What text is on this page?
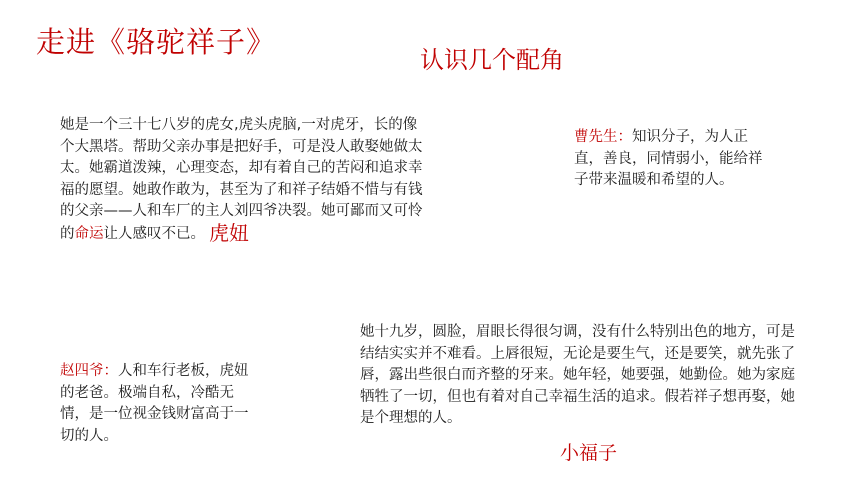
走进《骆驼祥子》
认识几个配角

她是一个三十七八岁的虎女,虎头虎脑,一对虎牙，长的像个大黑塔。帮助父亲办事是把好手，可是没人敢娶她做太太。她霸道泼辣，心理变态，却有着自己的苦闷和追求幸福的愿望。她敢作敢为，甚至为了和祥子结婚不惜与有钱的父亲——人和车厂的主人刘四爷决裂。她可鄙而又可怜的命运让人感叹不已。 虎妞

曹先生：知识分子，为人正直，善良，同情弱小，能给祥子带来温暖和希望的人。

赵四爷：人和车行老板，虎妞的老爸。极端自私，冷酷无情，是一位视金钱财富高于一切的人。

她十九岁，圆脸，眉眼长得很匀调，没有什么特别出色的地方，可是结结实实并不难看。上唇很短，无论是要生气，还是要笑，就先张了唇，露出些很白而齐整的牙来。她年轻，她要强，她勤俭。她为家庭牺牲了一切，但也有着对自己幸福生活的追求。假若祥子想再娶，她是个理想的人。

小福子
